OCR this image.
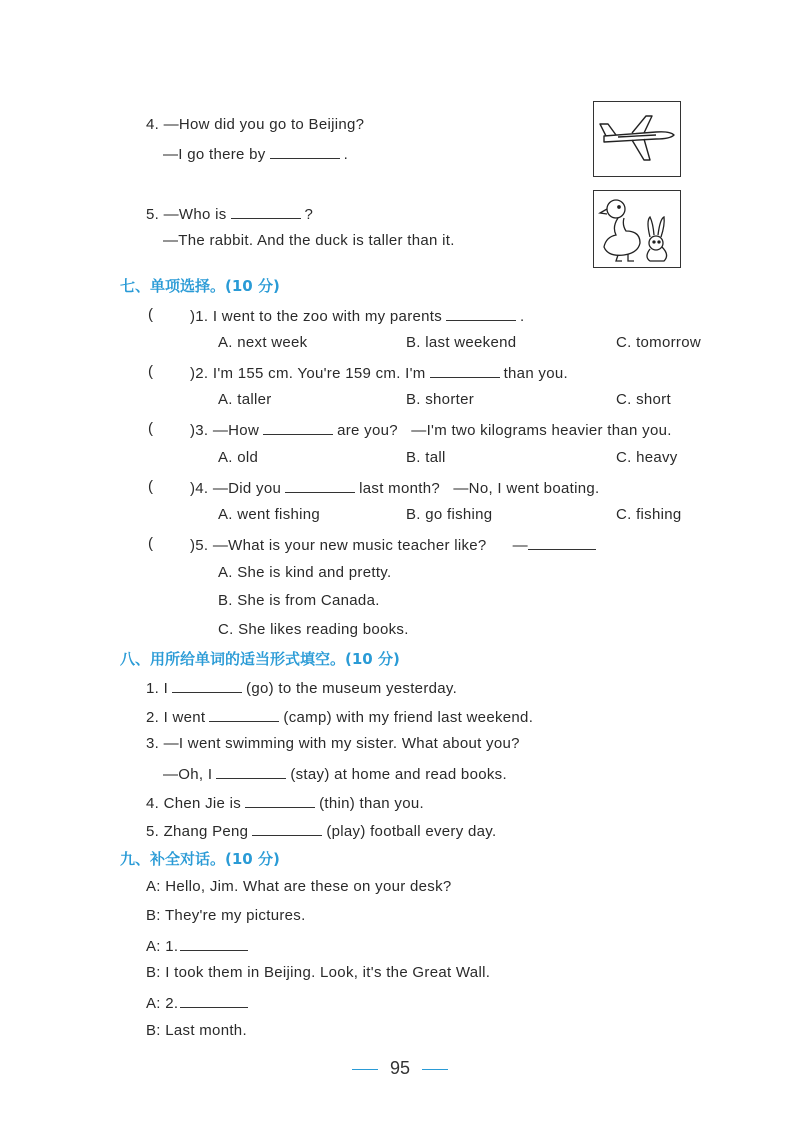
4. —How did you go to Beijing?
—I go there by	.
5. —Who is	?
—The rabbit. And the duck is taller than it.
七、单项选择。(10 分)
( )1. I went to the zoo with my parents	.
A. next week	B. last weekend	C. tomorrow
( )2. I'm 155 cm. You're 159 cm. I'm	than you.
A. taller	B. shorter	C. short
( )3. —How	are you?   —I'm two kilograms heavier than you.
A. old	B. tall	C. heavy
( )4. —Did you	last month?   —No, I went boating.
A. went fishing	B. go fishing	C. fishing
( )5. —What is your new music teacher like? —
A. She is kind and pretty.
B. She is from Canada.
C. She likes reading books.
八、用所给单词的适当形式填空。(10 分)
1. I	(go) to the museum yesterday.
2. I went	(camp) with my friend last weekend.
3. —I went swimming with my sister. What about you?
—Oh, I	(stay) at home and read books.
4. Chen Jie is	(thin) than you.
5. Zhang Peng	(play) football every day.
九、补全对话。(10 分)
A: Hello, Jim. What are these on your desk?
B: They're my pictures.
A: 1.
B: I took them in Beijing. Look, it's the Great Wall.
A: 2.
B: Last month.
95
